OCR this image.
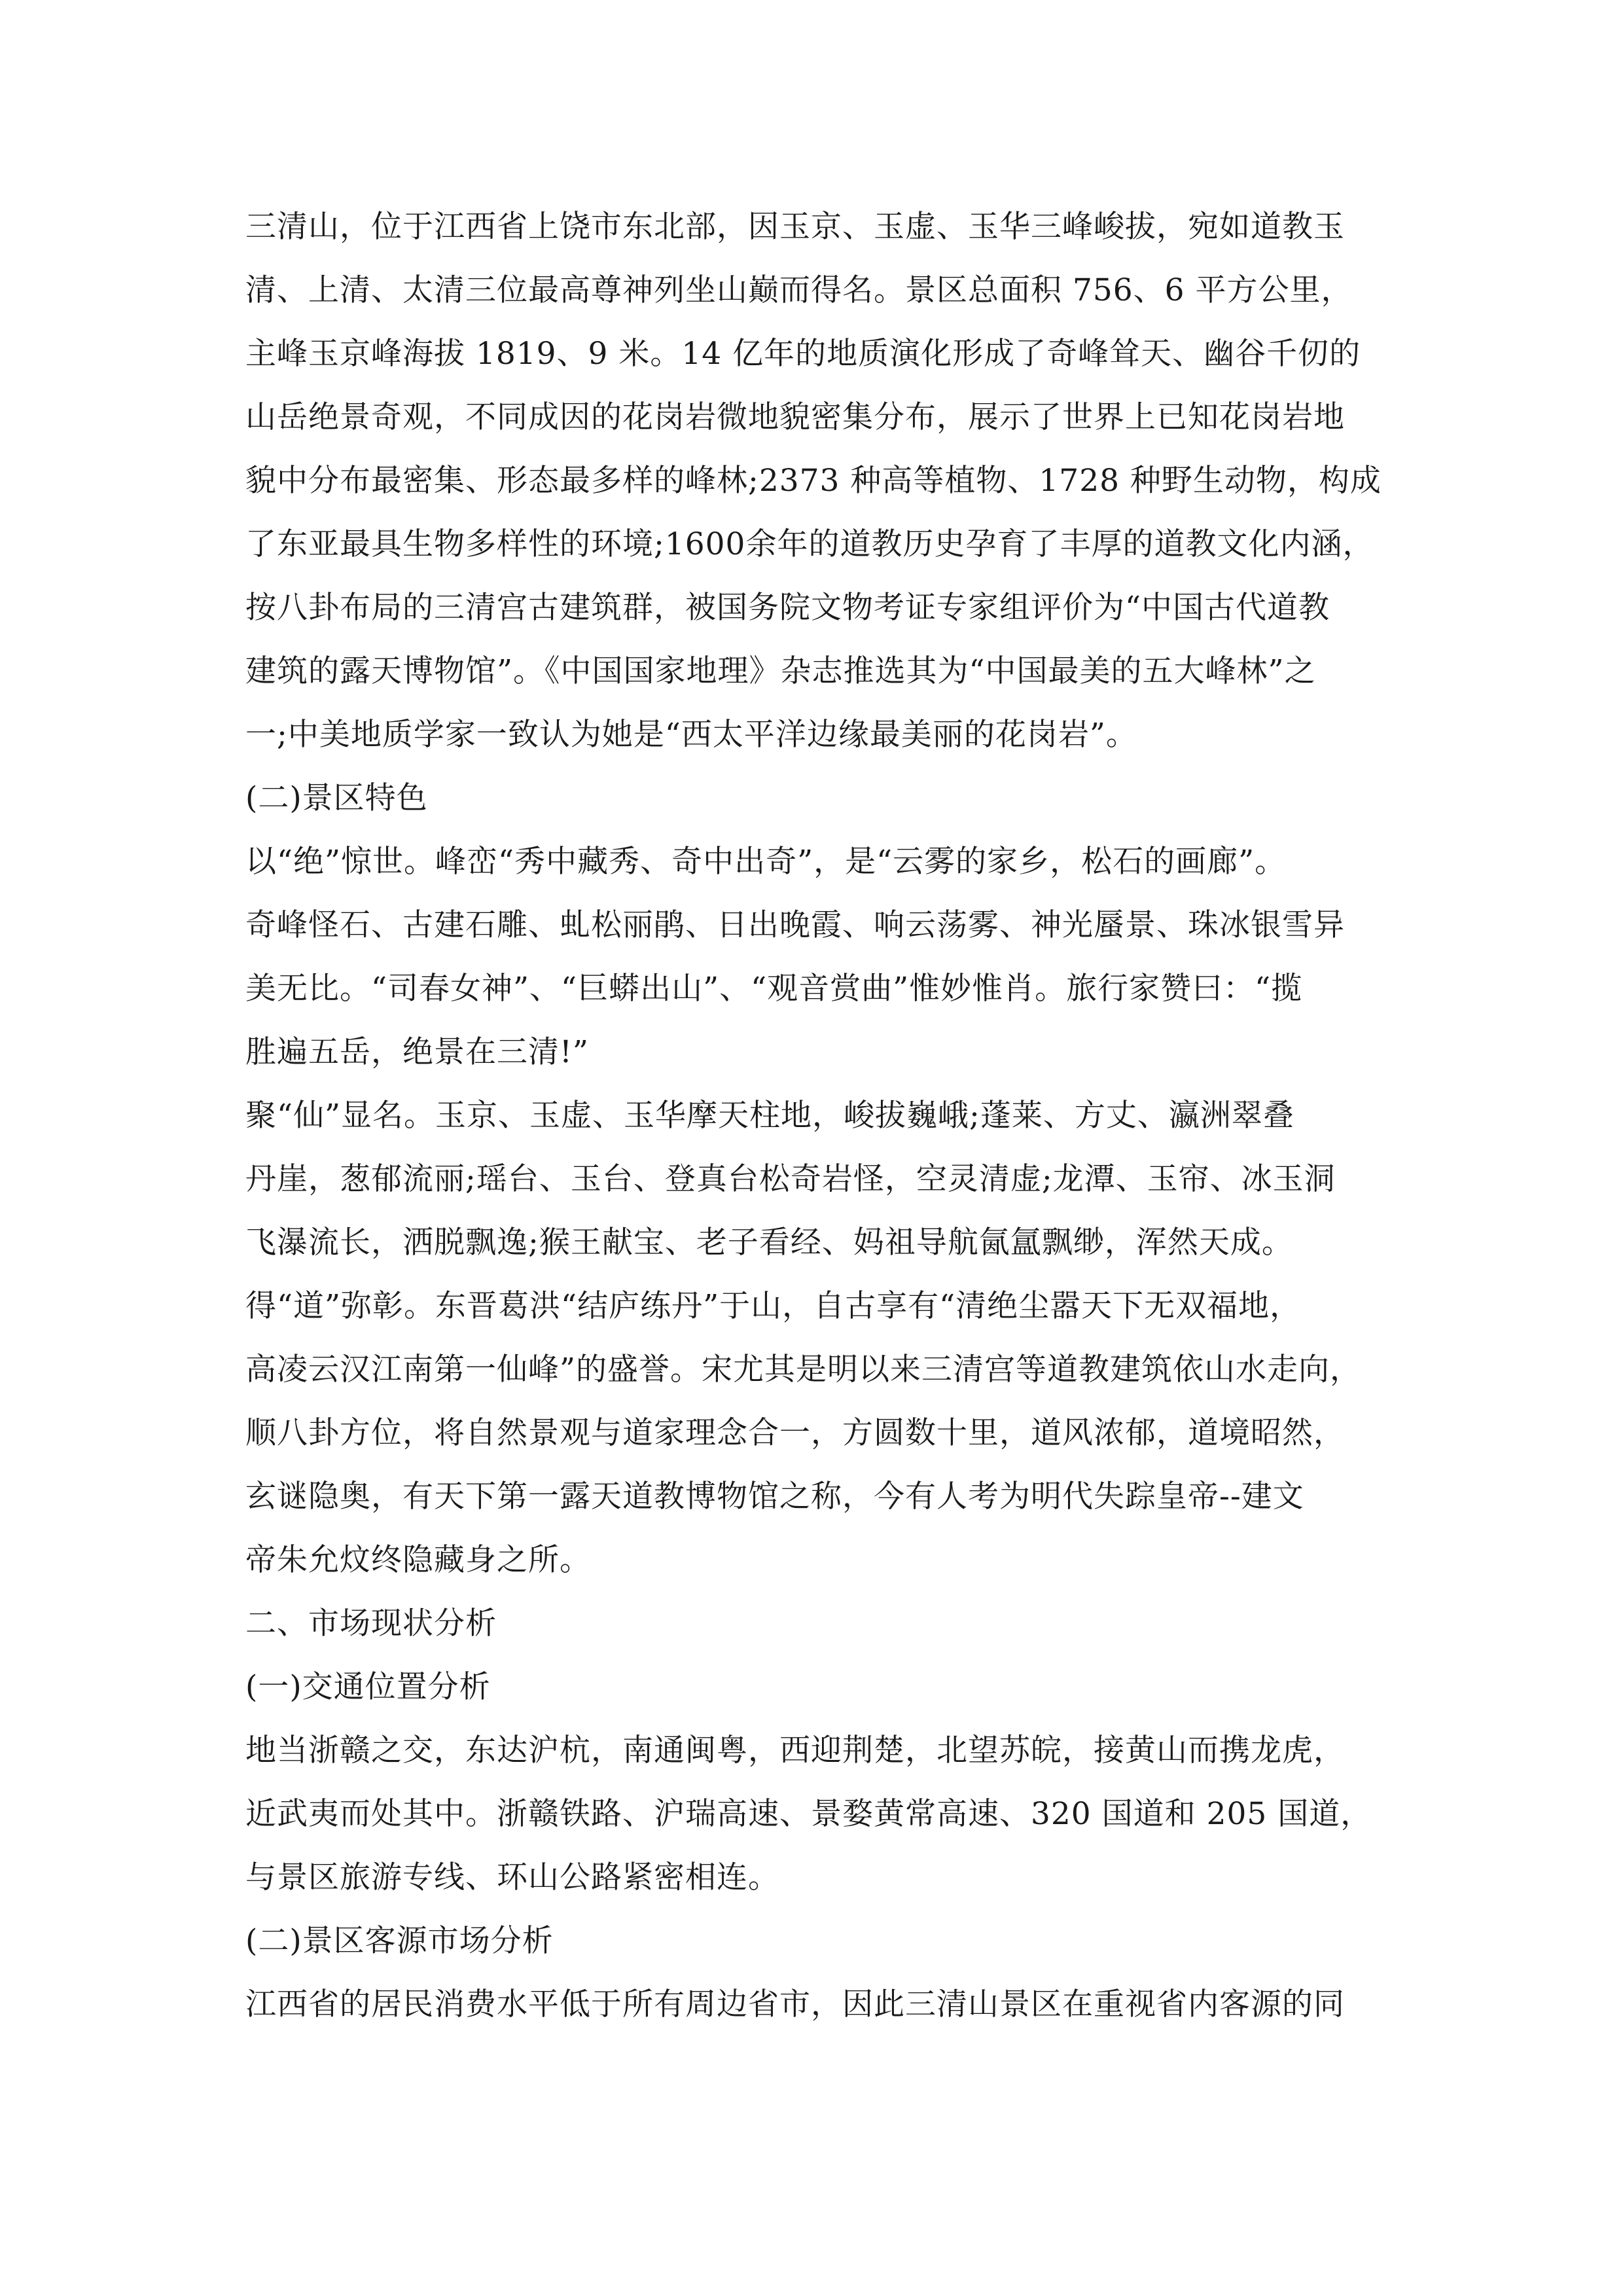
三清山，位于江西省上饶市东北部，因玉京、玉虚、玉华三峰峻拔，宛如道教玉
清、上清、太清三位最高尊神列坐山巅而得名。景区总面积 756、6 平方公里，
主峰玉京峰海拔 1819、9 米。14 亿年的地质演化形成了奇峰耸天、幽谷千仞的
山岳绝景奇观，不同成因的花岗岩微地貌密集分布，展示了世界上已知花岗岩地
貌中分布最密集、形态最多样的峰林;2373 种高等植物、1728 种野生动物，构成
了东亚最具生物多样性的环境;1600余年的道教历史孕育了丰厚的道教文化内涵，
按八卦布局的三清宫古建筑群，被国务院文物考证专家组评价为“中国古代道教
建筑的露天博物馆”。《中国国家地理》杂志推选其为“中国最美的五大峰林”之
一;中美地质学家一致认为她是“西太平洋边缘最美丽的花岗岩”。
(二)景区特色
以“绝”惊世。峰峦“秀中藏秀、奇中出奇”，是“云雾的家乡，松石的画廊”。
奇峰怪石、古建石雕、虬松丽鹃、日出晚霞、响云荡雾、神光蜃景、珠冰银雪异
美无比。“司春女神”、“巨蟒出山”、“观音赏曲”惟妙惟肖。旅行家赞曰：“揽
胜遍五岳，绝景在三清!”
聚“仙”显名。玉京、玉虚、玉华摩天柱地，峻拔巍峨;蓬莱、方丈、瀛洲翠叠
丹崖，葱郁流丽;瑶台、玉台、登真台松奇岩怪，空灵清虚;龙潭、玉帘、冰玉洞
飞瀑流长，洒脱飘逸;猴王献宝、老子看经、妈祖导航氤氲飘缈，浑然天成。
得“道”弥彰。东晋葛洪“结庐练丹”于山，自古享有“清绝尘嚣天下无双福地，
高凌云汉江南第一仙峰”的盛誉。宋尤其是明以来三清宫等道教建筑依山水走向，
顺八卦方位，将自然景观与道家理念合一，方圆数十里，道风浓郁，道境昭然，
玄谜隐奥，有天下第一露天道教博物馆之称，今有人考为明代失踪皇帝--建文
帝朱允炆终隐藏身之所。
二、市场现状分析
(一)交通位置分析
地当浙赣之交，东达沪杭，南通闽粤，西迎荆楚，北望苏皖，接黄山而携龙虎，
近武夷而处其中。浙赣铁路、沪瑞高速、景婺黄常高速、320 国道和 205 国道，
与景区旅游专线、环山公路紧密相连。
(二)景区客源市场分析
江西省的居民消费水平低于所有周边省市，因此三清山景区在重视省内客源的同
